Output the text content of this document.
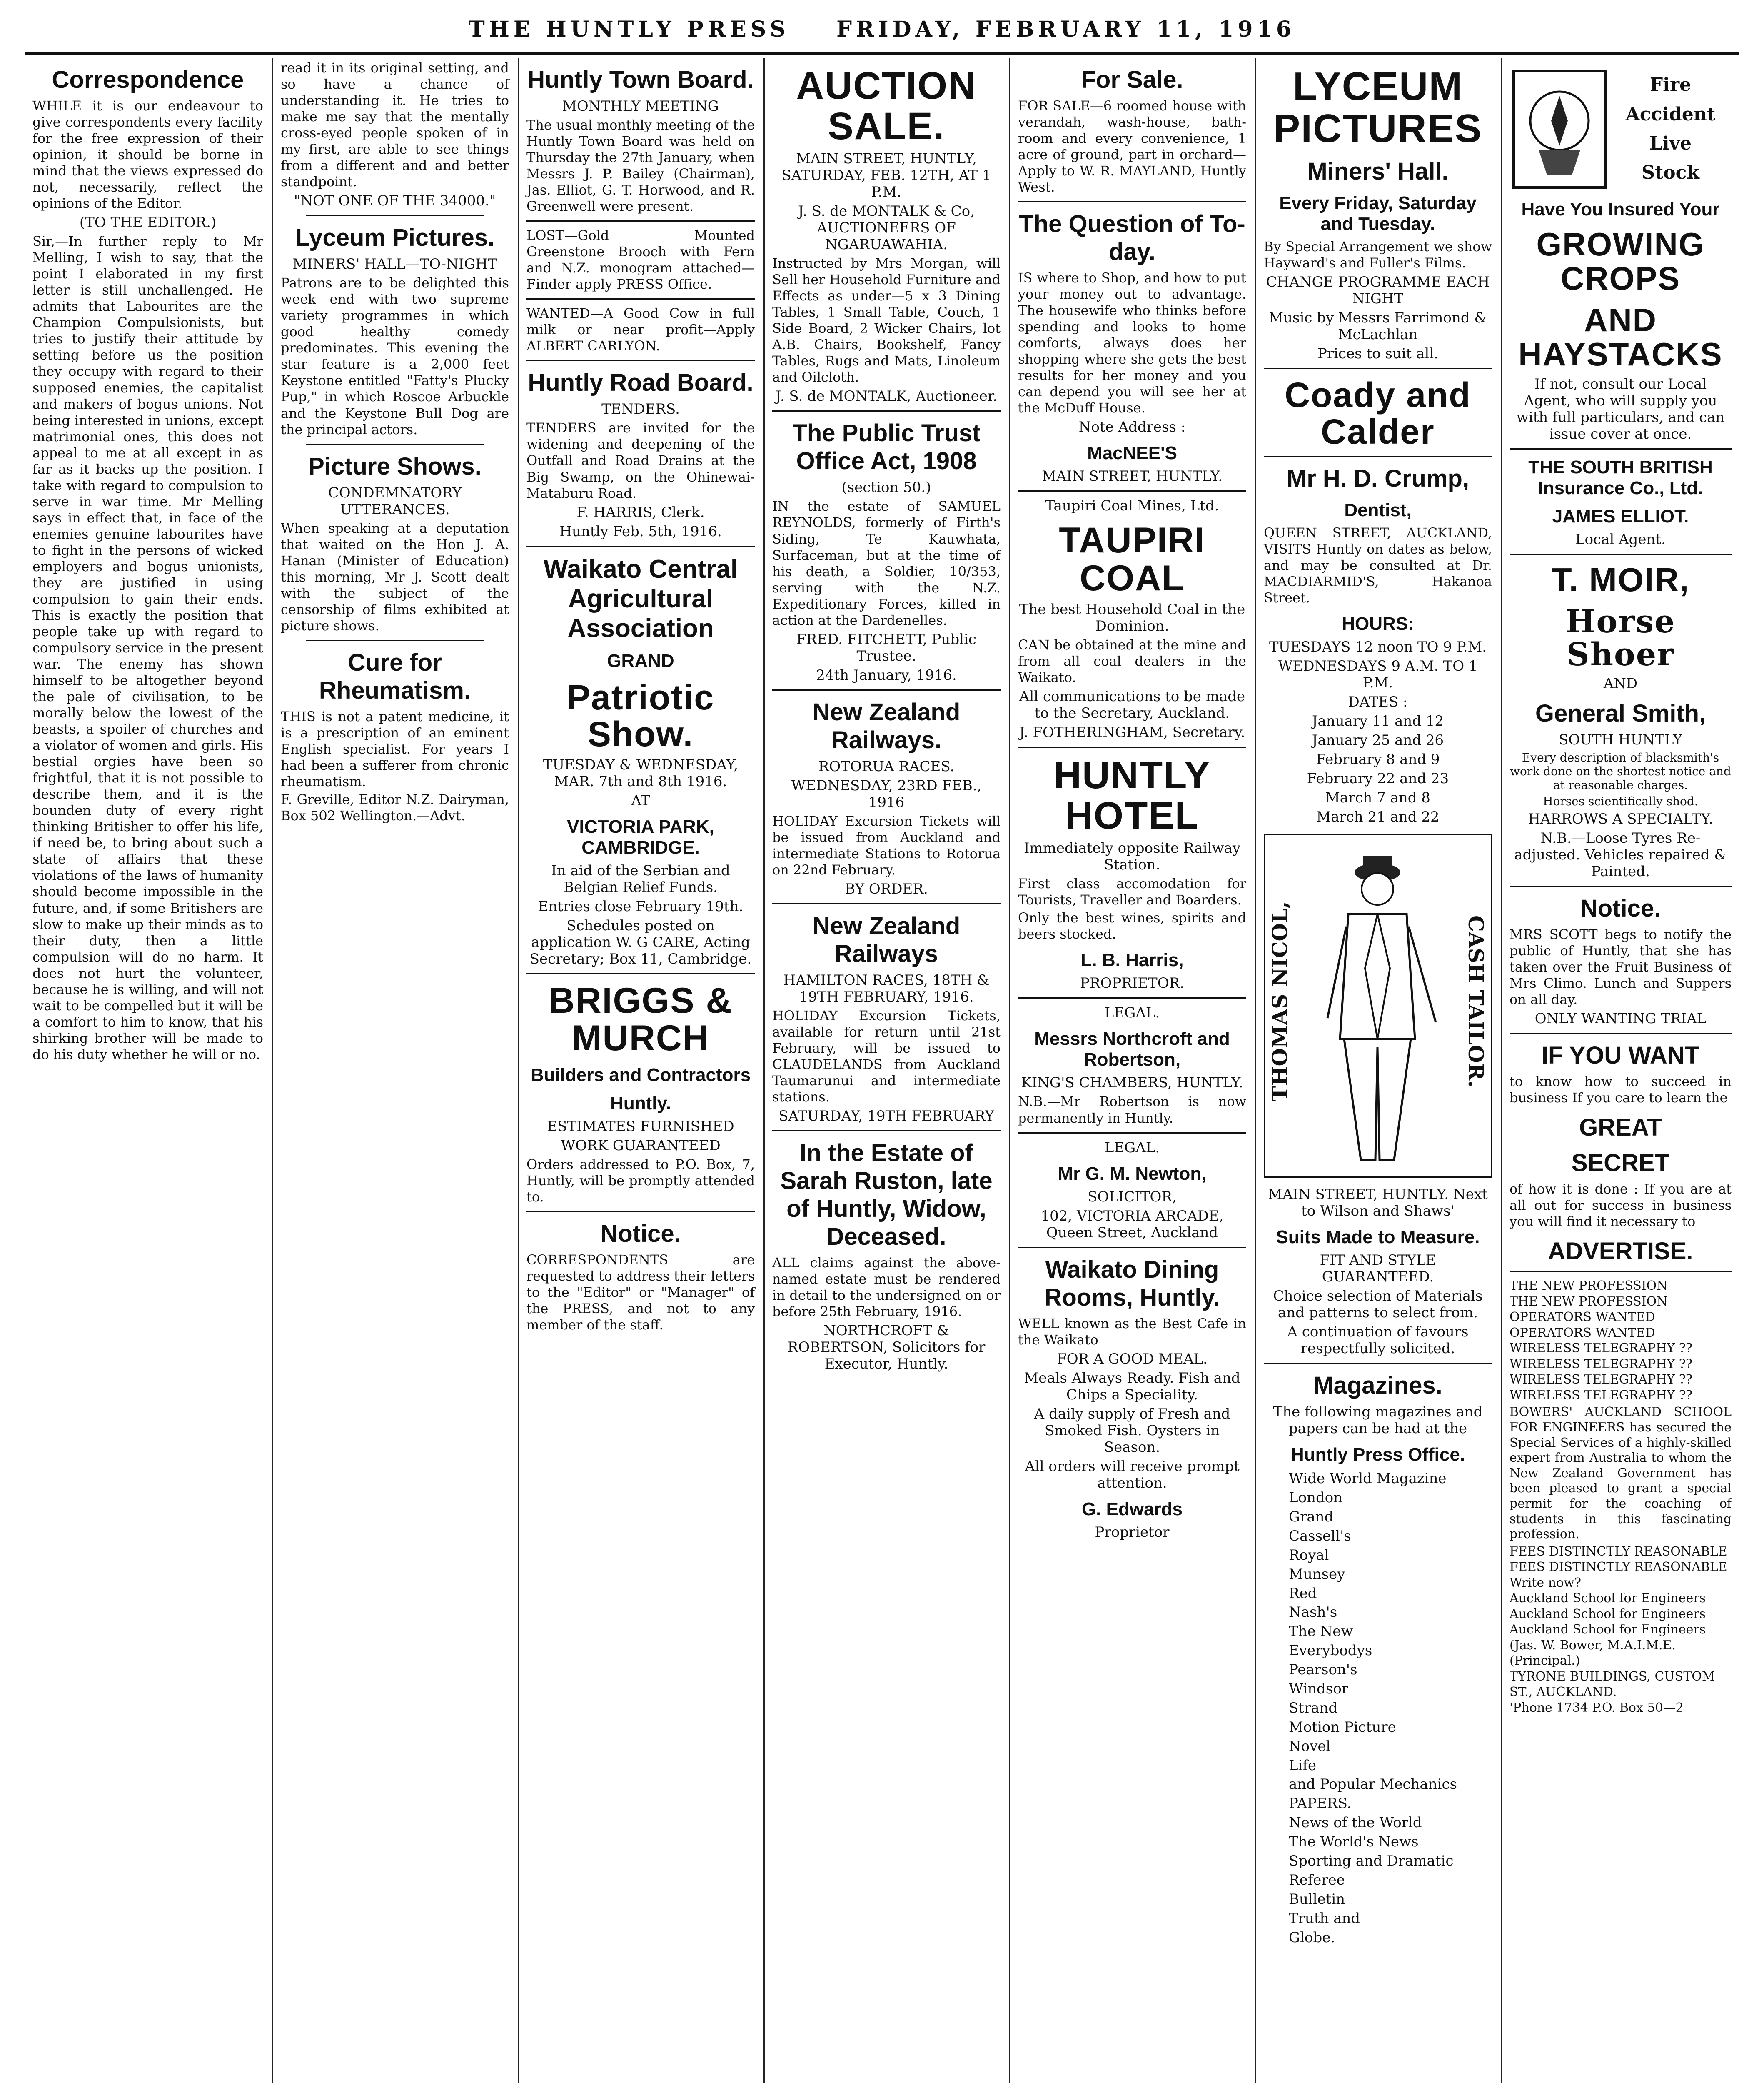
THE HUNTLY PRESS FRIDAY, FEBRUARY 11, 1916
Correspondence

WHILE it is our endeavour to give correspondents every facility for the free expression of their opinion, it should be borne in mind that the views expressed do not, necessarily, reflect the opinions of the Editor.

(TO THE EDITOR.)

Sir,—In further reply to Mr Melling, I wish to say, that the point I elaborated in my first letter is still unchallenged. He admits that Labourites are the Champion Compulsionists, but tries to justify their attitude by setting before us the position they occupy with regard to their supposed enemies, the capitalist and makers of bogus unions. Not being interested in unions, except matrimonial ones, this does not appeal to me at all except in as far as it backs up the position. I take with regard to compulsion to serve in war time. Mr Melling says in effect that, in face of the enemies genuine labourites have to fight in the persons of wicked employers and bogus unionists, they are justified in using compulsion to gain their ends. This is exactly the position that people take up with regard to compulsory service in the present war. The enemy has shown himself to be altogether beyond the pale of civilisation, to be morally below the lowest of the beasts, a spoiler of churches and a violator of women and girls. His bestial orgies have been so frightful, that it is not possible to describe them, and it is the bounden duty of every right thinking Britisher to offer his life, if need be, to bring about such a state of affairs that these violations of the laws of humanity should become impossible in the future, and, if some Britishers are slow to make up their minds as to their duty, then a little compulsion will do no harm. It does not hurt the volunteer, because he is willing, and will not wait to be compelled but it will be a comfort to him to know, that his shirking brother will be made to do his duty whether he will or no.

read it in its original setting, and so have a chance of understanding it. He tries to make me say that the mentally cross-eyed people spoken of in my first, are able to see things from a different and and better standpoint.

"NOT ONE OF THE 34000."
Lyceum Pictures.
MINERS' HALL—TO-NIGHT

Patrons are to be delighted this week end with two supreme variety programmes in which good healthy comedy predominates. This evening the star feature is a 2,000 feet Keystone entitled "Fatty's Plucky Pup," in which Roscoe Arbuckle and the Keystone Bull Dog are the principal actors.

Picture Shows.
CONDEMNATORY UTTERANCES.

When speaking at a deputation that waited on the Hon J. A. Hanan (Minister of Education) this morning, Mr J. Scott dealt with the subject of the censorship of films exhibited at picture shows.

Cure for Rheumatism.

THIS is not a patent medicine, it is a prescription of an eminent English specialist. For years I had been a sufferer from chronic rheumatism.

F. Greville, Editor N.Z. Dairyman, Box 502 Wellington.—Advt.

Huntly Town Board.
MONTHLY MEETING

The usual monthly meeting of the Huntly Town Board was held on Thursday the 27th January, when Messrs J. P. Bailey (Chairman), Jas. Elliot, G. T. Horwood, and R. Greenwell were present.

LOST—Gold Mounted Greenstone Brooch with Fern and N.Z. monogram attached—Finder apply PRESS Office.

WANTED—A Good Cow in full milk or near profit—Apply ALBERT CARLYON.

Huntly Road Board.
TENDERS.

TENDERS are invited for the widening and deepening of the Outfall and Road Drains at the Big Swamp, on the Ohinewai-Mataburu Road.

F. HARRIS, Clerk.
Huntly Feb. 5th, 1916.
Waikato Central Agricultural Association
GRAND
Patriotic Show.
TUESDAY & WEDNESDAY, MAR. 7th and 8th 1916.
AT
VICTORIA PARK, CAMBRIDGE.
In aid of the Serbian and Belgian Relief Funds.
Entries close February 19th.
Schedules posted on application W. G CARE, Acting Secretary; Box 11, Cambridge.
BRIGGS & MURCH
Builders and Contractors
Huntly.
ESTIMATES FURNISHED
WORK GUARANTEED

Orders addressed to P.O. Box, 7, Huntly, will be promptly attended to.

Notice.

CORRESPONDENTS are requested to address their letters to the "Editor" or "Manager" of the PRESS, and not to any member of the staff.

AUCTION SALE.
MAIN STREET, HUNTLY, SATURDAY, FEB. 12TH, AT 1 P.M.
J. S. de MONTALK & Co, AUCTIONEERS OF NGARUAWAHIA.

Instructed by Mrs Morgan, will Sell her Household Furniture and Effects as under—5 x 3 Dining Tables, 1 Small Table, Couch, 1 Side Board, 2 Wicker Chairs, lot A.B. Chairs, Bookshelf, Fancy Tables, Rugs and Mats, Linoleum and Oilcloth.

J. S. de MONTALK, Auctioneer.
The Public Trust Office Act, 1908
(section 50.)

IN the estate of SAMUEL REYNOLDS, formerly of Firth's Siding, Te Kauwhata, Surfaceman, but at the time of his death, a Soldier, 10/353, serving with the N.Z. Expeditionary Forces, killed in action at the Dardenelles.

FRED. FITCHETT, Public Trustee.
24th January, 1916.
New Zealand Railways.
ROTORUA RACES.
WEDNESDAY, 23RD FEB., 1916

HOLIDAY Excursion Tickets will be issued from Auckland and intermediate Stations to Rotorua on 22nd February.

BY ORDER.
New Zealand Railways
HAMILTON RACES, 18TH & 19TH FEBRUARY, 1916.

HOLIDAY Excursion Tickets, available for return until 21st February, will be issued to CLAUDELANDS from Auckland Taumarunui and intermediate stations.

SATURDAY, 19TH FEBRUARY
In the Estate of Sarah Ruston, late of Huntly, Widow, Deceased.

ALL claims against the above-named estate must be rendered in detail to the undersigned on or before 25th February, 1916.

NORTHCROFT & ROBERTSON, Solicitors for Executor, Huntly.
For Sale.

FOR SALE—6 roomed house with verandah, wash-house, bath-room and every convenience, 1 acre of ground, part in orchard—Apply to W. R. MAYLAND, Huntly West.

The Question of To-day.

IS where to Shop, and how to put your money out to advantage. The housewife who thinks before spending and looks to home comforts, always does her shopping where she gets the best results for her money and you can depend you will see her at the McDuff House.

Note Address :
MacNEE'S
MAIN STREET, HUNTLY.
Taupiri Coal Mines, Ltd.
TAUPIRI COAL
The best Household Coal in the Dominion.

CAN be obtained at the mine and from all coal dealers in the Waikato.

All communications to be made to the Secretary, Auckland.
J. FOTHERINGHAM, Secretary.
HUNTLY HOTEL
Immediately opposite Railway Station.

First class accomodation for Tourists, Traveller and Boarders.

Only the best wines, spirits and beers stocked.

L. B. Harris,
PROPRIETOR.
LEGAL.
Messrs Northcroft and Robertson,
KING'S CHAMBERS, HUNTLY.

N.B.—Mr Robertson is now permanently in Huntly.

LEGAL.
Mr G. M. Newton,
SOLICITOR,
102, VICTORIA ARCADE, Queen Street, Auckland
Waikato Dining Rooms, Huntly.

WELL known as the Best Cafe in the Waikato

FOR A GOOD MEAL.
Meals Always Ready. Fish and Chips a Speciality.
A daily supply of Fresh and Smoked Fish. Oysters in Season.
All orders will receive prompt attention.
G. Edwards
Proprietor
LYCEUM PICTURES
Miners' Hall.
Every Friday, Saturday and Tuesday.

By Special Arrangement we show Hayward's and Fuller's Films.

CHANGE PROGRAMME EACH NIGHT
Music by Messrs Farrimond & McLachlan
Prices to suit all.
Coady and Calder
Mr H. D. Crump,
Dentist,

QUEEN STREET, AUCKLAND, VISITS Huntly on dates as below, and may be consulted at Dr. MACDIARMID'S, Hakanoa Street.

HOURS:
TUESDAYS 12 noon TO 9 P.M.
WEDNESDAYS 9 A.M. TO 1 P.M.
DATES :
January 11 and 12
January 25 and 26
February 8 and 9
February 22 and 23
March 7 and 8
March 21 and 22
THOMAS NICOL,	CASH TAILOR.
MAIN STREET, HUNTLY. Next to Wilson and Shaws'
Suits Made to Measure.
FIT AND STYLE GUARANTEED.
Choice selection of Materials and patterns to select from.
A continuation of favours respectfully solicited.
Magazines.
The following magazines and papers can be had at the
Huntly Press Office.
Wide World Magazine
London
Grand
Cassell's
Royal
Munsey
Red
Nash's
The New
Everybodys
Pearson's
Windsor
Strand
Motion Picture
Novel
Life
and Popular Mechanics
PAPERS.
News of the World
The World's News
Sporting and Dramatic
Referee
Bulletin
Truth and
Globe.
Fire
Accident
Live
Stock
Have You Insured Your
GROWING CROPS
AND HAYSTACKS
If not, consult our Local Agent, who will supply you with full particulars, and can issue cover at once.
THE SOUTH BRITISH Insurance Co., Ltd.
JAMES ELLIOT.
Local Agent.
T. MOIR,
Horse Shoer
AND
General Smith,
SOUTH HUNTLY
Every description of blacksmith's work done on the shortest notice and at reasonable charges.
Horses scientifically shod.
HARROWS A SPECIALTY.
N.B.—Loose Tyres Re-adjusted. Vehicles repaired & Painted.
Notice.

MRS SCOTT begs to notify the public of Huntly, that she has taken over the Fruit Business of Mrs Climo. Lunch and Suppers on all day.

ONLY WANTING TRIAL
IF YOU WANT

to know how to succeed in business If you care to learn the

GREAT
SECRET

of how it is done : If you are at all out for success in business you will find it necessary to

ADVERTISE.
THE NEW PROFESSION
THE NEW PROFESSION
OPERATORS WANTED
OPERATORS WANTED
WIRELESS TELEGRAPHY ??
WIRELESS TELEGRAPHY ??
WIRELESS TELEGRAPHY ??
WIRELESS TELEGRAPHY ??

BOWERS' AUCKLAND SCHOOL FOR ENGINEERS has secured the Special Services of a highly-skilled expert from Australia to whom the New Zealand Government has been pleased to grant a special permit for the coaching of students in this fascinating profession.

FEES DISTINCTLY REASONABLE
FEES DISTINCTLY REASONABLE
Write now?
Auckland School for Engineers
Auckland School for Engineers
Auckland School for Engineers
(Jas. W. Bower, M.A.I.M.E. (Principal.)
TYRONE BUILDINGS, CUSTOM ST., AUCKLAND.
'Phone 1734 P.O. Box 50—2
